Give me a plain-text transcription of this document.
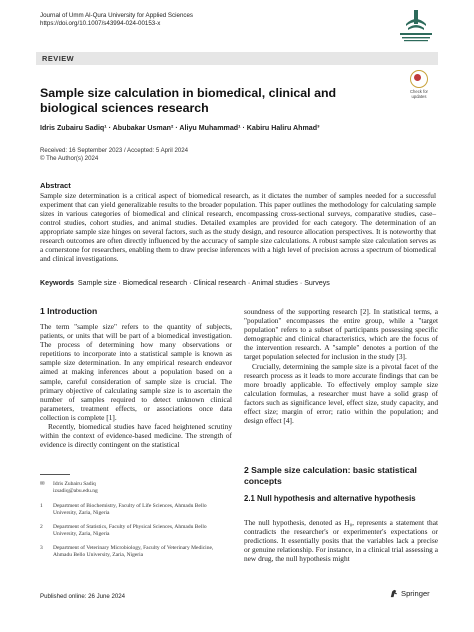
Journal of Umm Al-Qura University for Applied Sciences
https://doi.org/10.1007/s43994-024-00153-x
REVIEW
Check for updates
Sample size calculation in biomedical, clinical and biological sciences research
Idris Zubairu Sadiq¹ · Abubakar Usman² · Aliyu Muhammad¹ · Kabiru Haliru Ahmad³
Received: 16 September 2023 / Accepted: 5 April 2024
© The Author(s) 2024
Abstract
Sample size determination is a critical aspect of biomedical research, as it dictates the number of samples needed for a successful experiment that can yield generalizable results to the broader population. This paper outlines the methodology for calculating sample sizes in various categories of biomedical and clinical research, encompassing cross-sectional surveys, comparative studies, case–control studies, cohort studies, and animal studies. Detailed examples are provided for each category. The determination of an appropriate sample size hinges on several factors, such as the study design, and resource allocation perspectives. It is noteworthy that research outcomes are often directly influenced by the accuracy of sample size calculations. A robust sample size calculation serves as a cornerstone for researchers, enabling them to draw precise inferences with a high level of precision across a spectrum of biomedical and clinical investigations.
Keywords Sample size · Biomedical research · Clinical research · Animal studies · Surveys
1 Introduction

The term "sample size" refers to the quantity of subjects, patients, or units that will be part of a biomedical investigation. The process of determining how many observations or repetitions to incorporate into a statistical sample is known as sample size determination. In any empirical research endeavor aimed at making inferences about a population based on a sample, careful consideration of sample size is crucial. The primary objective of calculating sample size is to ascertain the number of samples required to detect unknown clinical parameters, treatment effects, or associations once data collection is complete [1].

Recently, biomedical studies have faced heightened scrutiny within the context of evidence-based medicine. The strength of evidence is directly contingent on the statistical

✉ Idris Zubairu Sadiq
izsadiq@abu.edu.ng
1 Department of Biochemistry, Faculty of Life Sciences, Ahmadu Bello University, Zaria, Nigeria
2 Department of Statistics, Faculty of Physical Sciences, Ahmadu Bello University, Zaria, Nigeria
3 Department of Veterinary Microbiology, Faculty of Veterinary Medicine, Ahmadu Bello University, Zaria, Nigeria

soundness of the supporting research [2]. In statistical terms, a "population" encompasses the entire group, while a "target population" refers to a subset of participants possessing specific demographic and clinical characteristics, which are the focus of the intervention research. A "sample" denotes a portion of the target population selected for inclusion in the study [3].

Crucially, determining the sample size is a pivotal facet of the research process as it leads to more accurate findings that can be more broadly applicable. To effectively employ sample size calculation formulas, a researcher must have a solid grasp of factors such as significance level, effect size, study capacity, and effect size; margin of error; ratio within the population; and design effect [4].

2 Sample size calculation: basic statistical concepts
2.1 Null hypothesis and alternative hypothesis

The null hypothesis, denoted as H₀, represents a statement that contradicts the researcher's or experimenter's expectations or predictions. It essentially posits that the variables lack a precise or genuine relationship. For instance, in a clinical trial assessing a new drug, the null hypothesis might

Published online: 26 June 2024	Springer
